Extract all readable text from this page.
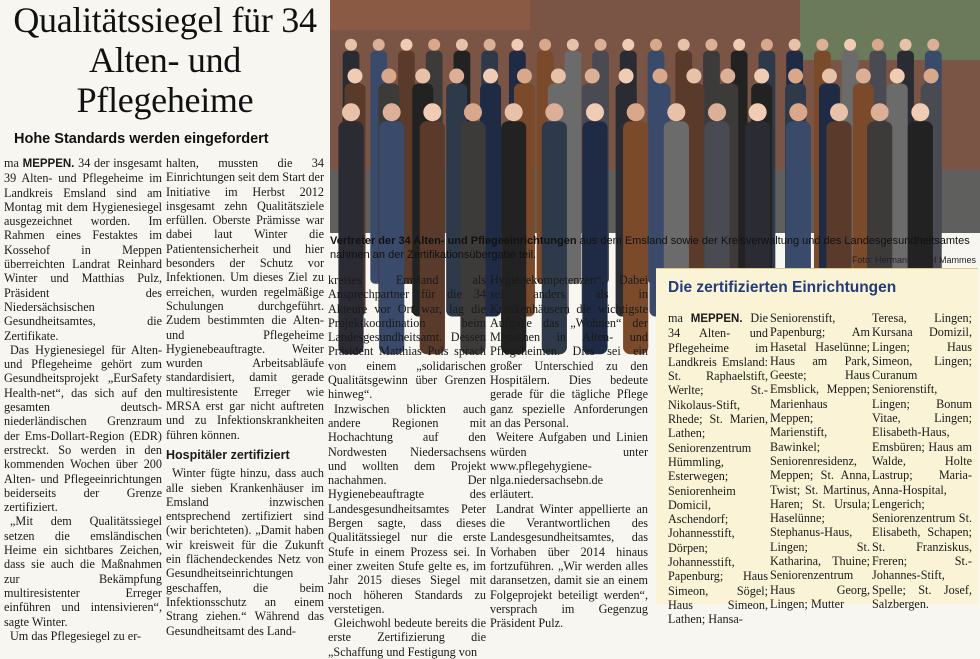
Qualitätssiegel für 34 Alten- und Pflegeheime
Hohe Standards werden eingefordert

ma MEPPEN. 34 der insgesamt 39 Alten- und Pflegeheime im Landkreis Emsland sind am Montag mit dem Hygienesiegel ausgezeichnet worden. Im Rahmen eines Festaktes im Kossehof in Meppen überreichten Landrat Reinhard Winter und Matthias Pulz, Präsident des Niedersächsischen Gesundheitsamtes, die Zertifikate.

Das Hygienesiegel für Alten- und Pflegeheime gehört zum Gesundheitsprojekt „EurSafety Health-net“, das sich auf den gesamten deutsch-niederländischen Grenzraum der Ems-Dollart-Region (EDR) erstreckt. So werden in den kommenden Wochen über 200 Alten- und Pflegeeinrichtungen beiderseits der Grenze zertifiziert.

„Mit dem Qualitätssiegel setzen die emsländischen Heime ein sichtbares Zeichen, dass sie auch die Maßnahmen zur Bekämpfung multiresistenter Erreger einführen und intensivieren“, sagte Winter.

Um das Pflegesiegel zu er-

halten, mussten die 34 Einrichtungen seit dem Start der Initiative im Herbst 2012 insgesamt zehn Qualitätsziele erfüllen. Oberste Prämisse war dabei laut Winter die Patientensicherheit und hier besonders der Schutz vor Infektionen. Um dieses Ziel zu erreichen, wurden regelmäßige Schulungen durchgeführt. Zudem bestimmten die Alten- und Pflegeheime Hygienebeauftragte. Weiter wurden Arbeitsabläufe standardisiert, damit gerade multiresistente Erreger wie MRSA erst gar nicht auftreten und zu Infektionskrankheiten führen können.

Hospitäler zertifiziert

Winter fügte hinzu, dass auch alle sieben Krankenhäuser im Emsland inzwischen entsprechend zertifiziert sind (wir berichteten). „Damit haben wir kreisweit für die Zukunft ein flächendeckendes Netz von Gesundheitseinrichtungen geschaffen, die beim Infektionsschutz an einem Strang ziehen.“ Während das Gesundheitsamt des Land-

Vertreter der 34 Alten- und Pflegeeinrichtungen aus dem Emsland sowie der Kreisverwaltung und des Landesgesundheitsamtes nahmen an der Zertifikationsübergabe teil.	Foto: Hermann-Josef Mammes

kreises Emsland als Ansprechpartner für die 34 Akteure vor Ort war, lag die Projektkoordination beim Landesgesundheitsamt. Dessen Präsident Matthias Puls sprach von einem „solidarischen Qualitätsgewinn über Grenzen hinweg“.

Inzwischen blickten auch andere Regionen mit Hochachtung auf den Nordwesten Niedersachsens und wollten dem Projekt nachahmen. Der Hygienebeauftragte des Landesgesundheitsamtes Peter Bergen sagte, dass dieses Qualitätssiegel nur die erste Stufe in einem Prozess sei. In einer zweiten Stufe gelte es, im Jahr 2015 dieses Siegel mit noch höheren Standards zu verstetigen.

Gleichwohl bedeute bereits die erste Zertifizierung die „Schaffung und Festigung von

Hygienekompetenzen“. Dabei sei anders als in Krankenhäusern die wichtigste Aufgabe das „Wohnen“ der Menschen in Alten- und Pflegeheimen. Dies sei ein großer Unterschied zu den Hospitälern. Dies bedeute gerade für die tägliche Pflege ganz spezielle Anforderungen an das Personal.

Weitere Aufgaben und Linien würden unter www.pflegehygiene-nlga.niedersachsebn.de erläutert.

Landrat Winter appellierte an die Verantwortlichen des Landesgesundheitsamtes, das Vorhaben über 2014 hinaus fortzuführen. „Wir werden alles daransetzen, damit sie an einem Folgeprojekt beteiligt werden“, versprach im Gegenzug Präsident Pulz.

Die zertifizierten Einrichtungen
ma MEPPEN. Die 34 Alten- und Pflegeheime im Landkreis Emsland: St. Raphaelstift, Werlte; St.-Nikolaus-Stift, Rhede; St. Marien, Lathen; Seniorenzentrum Hümmling, Esterwegen; Seniorenheim Domicil, Aschendorf; Johannesstift, Dörpen; Johannesstift, Papenburg; Haus Simeon, Sögel; Haus Simeon, Lathen; Hansa-
Seniorenstift, Papenburg; Am Hasetal Haselünne; Haus am Park, Geeste; Haus Emsblick, Meppen; Marienhaus Meppen; Marienstift, Bawinkel; Seniorenresidenz, Meppen; St. Anna, Twist; St. Martinus, Haren; St. Ursula; Haselünne; Stephanus-Haus, Lingen; St. Katharina, Thuine; Seniorenzentrum Haus Georg, Lingen; Mutter
Teresa, Lingen; Kursana Domizil, Lingen; Haus Simeon, Lingen; Curanum Seniorenstift, Lingen; Bonum Vitae, Lingen; Elisabeth-Haus, Emsbüren; Haus am Walde, Holte Lastrup; Maria-Anna-Hospital, Lengerich; Seniorenzentrum St. Elisabeth, Schapen; St. Franziskus, Freren; St.-Johannes-Stift, Spelle; St. Josef, Salzbergen.
